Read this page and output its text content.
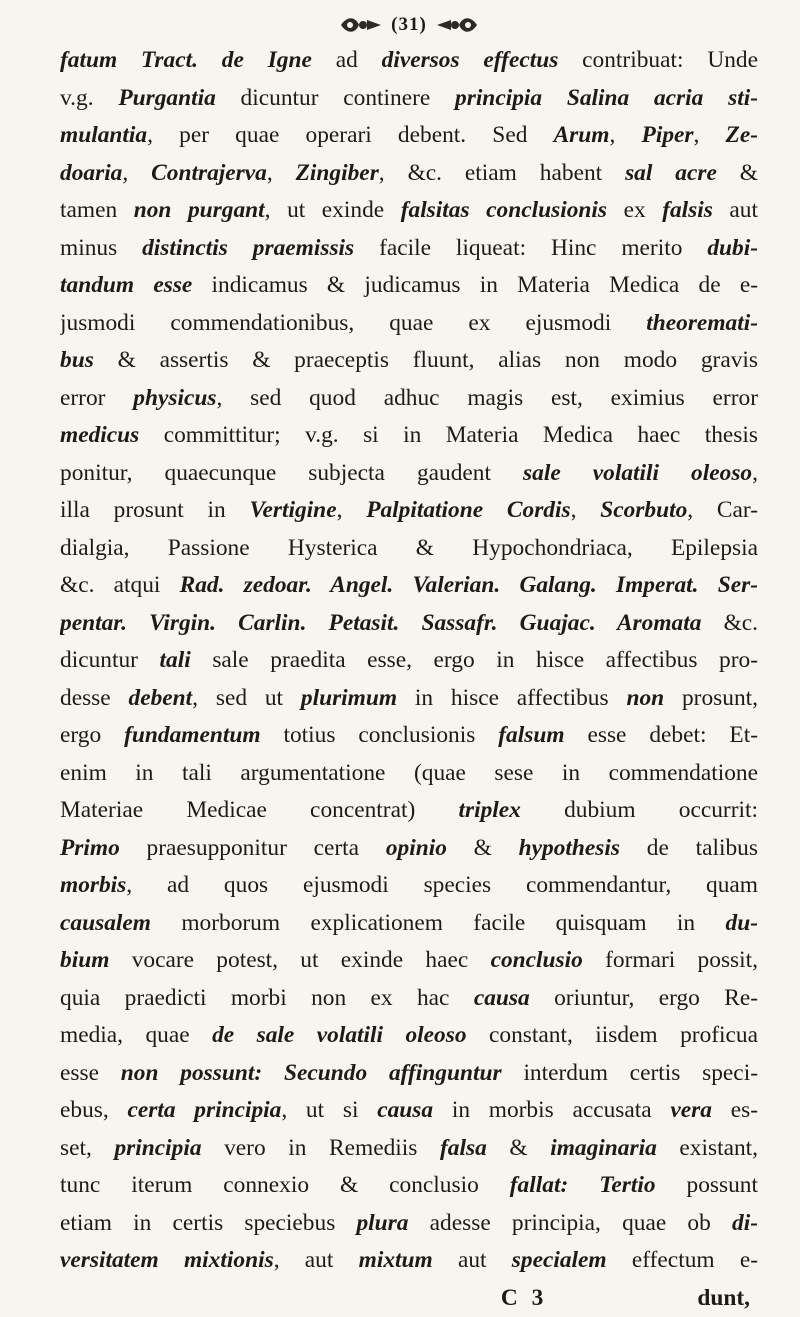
(31)
fatum Tract. de Igne ad diversos effectus contribuat: Unde
v.g. Purgantia dicuntur continere principia Salina acria sti-
mulantia, per quae operari debent. Sed Arum, Piper, Ze-
doaria, Contrajerva, Zingiber, &c. etiam habent sal acre &
tamen non purgant, ut exinde falsitas conclusionis ex falsis aut
minus distinctis praemissis facile liqueat: Hinc merito dubi-
tandum esse indicamus & judicamus in Materia Medica de e-
jusmodi commendationibus, quae ex ejusmodi theoremati-
bus & assertis & praeceptis fluunt, alias non modo gravis
error physicus, sed quod adhuc magis est, eximius error
medicus committitur; v.g. si in Materia Medica haec thesis
ponitur, quaecunque subjecta gaudent sale volatili oleoso,
illa prosunt in Vertigine, Palpitatione Cordis, Scorbuto, Car-
dialgia, Passione Hysterica & Hypochondriaca, Epilepsia
&c. atqui Rad. zedoar. Angel. Valerian. Galang. Imperat. Ser-
pentar. Virgin. Carlin. Petasit. Sassafr. Guajac. Aromata &c.
dicuntur tali sale praedita esse, ergo in hisce affectibus pro-
desse debent, sed ut plurimum in hisce affectibus non prosunt,
ergo fundamentum totius conclusionis falsum esse debet: Et-
enim in tali argumentatione (quae sese in commendatione
Materiae Medicae concentrat) triplex dubium occurrit:
Primo praesupponitur certa opinio & hypothesis de talibus
morbis, ad quos ejusmodi species commendantur, quam
causalem morborum explicationem facile quisquam in du-
bium vocare potest, ut exinde haec conclusio formari possit,
quia praedicti morbi non ex hac causa oriuntur, ergo Re-
media, quae de sale volatili oleoso constant, iisdem proficua
esse non possunt: Secundo affinguntur interdum certis speci-
ebus, certa principia, ut si causa in morbis accusata vera es-
set, principia vero in Remediis falsa & imaginaria existant,
tunc iterum connexio & conclusio fallat: Tertio possunt
etiam in certis speciebus plura adesse principia, quae ob di-
versitatem mixtionis, aut mixtum aut specialem effectum e-
C 3	dunt,
